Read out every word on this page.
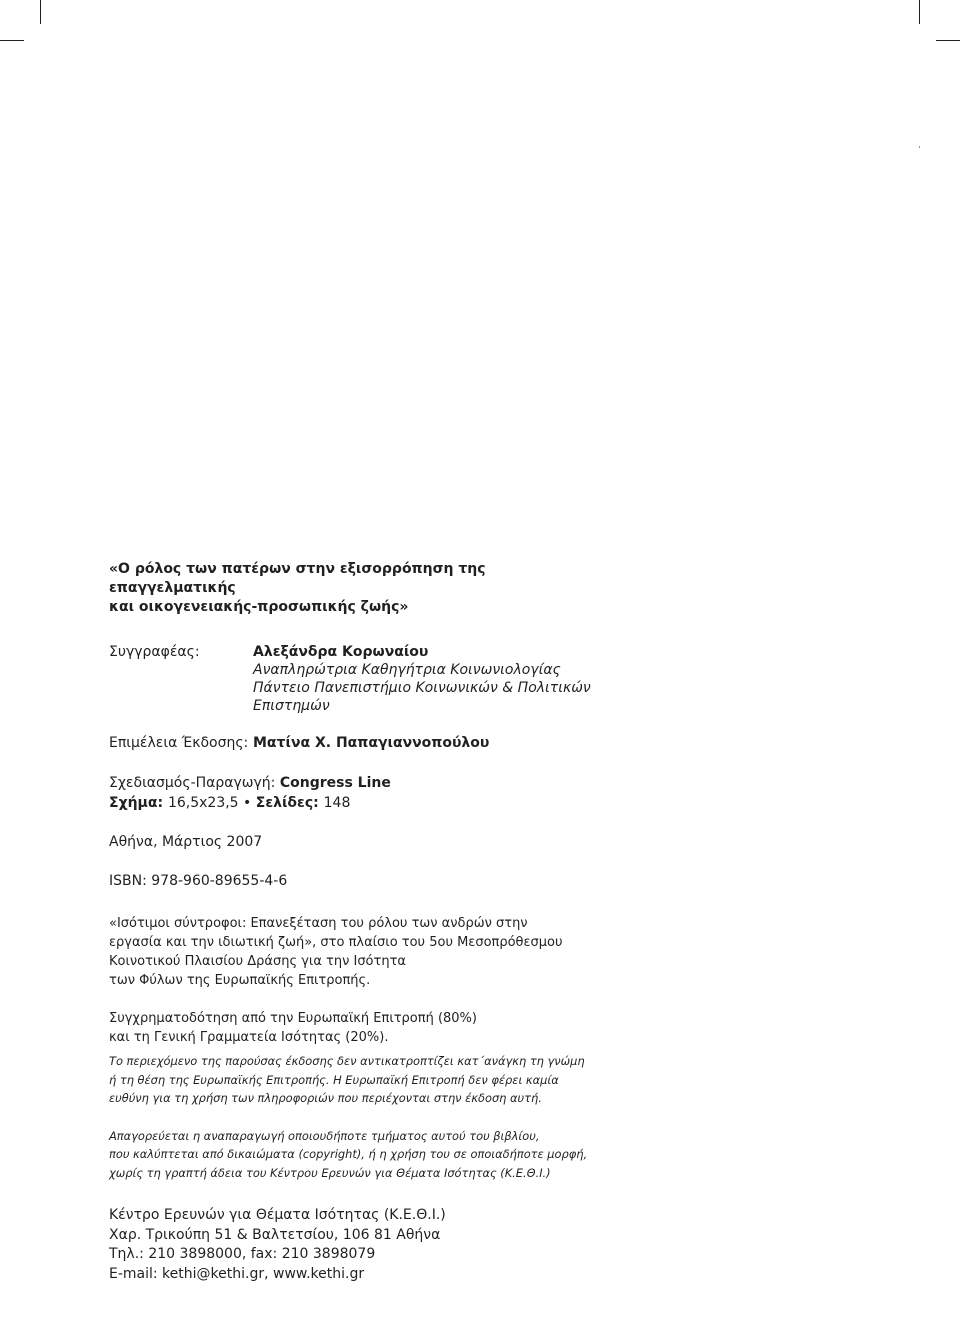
«Ο ρόλος των πατέρων στην εξισορρόπηση της επαγγελματικής
και οικογενειακής-προσωπικής ζωής»
Συγγραφέας:	Αλεξάνδρα Κορωναίου
Αναπληρώτρια Καθηγήτρια Κοινωνιολογίας
Πάντειο Πανεπιστήμιο Κοινωνικών & Πολιτικών
Επιστημών
Επιμέλεια Έκδοσης: Ματίνα Χ. Παπαγιαννοπούλου

Σχεδιασμός-Παραγωγή: Congress Line

Σχήμα: 16,5x23,5 • Σελίδες: 148

Αθήνα, Μάρτιος 2007

ISBN: 978-960-89655-4-6

«Ισότιμοι σύντροφοι: Επανεξέταση του ρόλου των ανδρών στην

εργασία και την ιδιωτική ζωή», στο πλαίσιο του 5ου Μεσοπρόθεσμου

Κοινοτικού Πλαισίου Δράσης για την Ισότητα

των Φύλων της Ευρωπαϊκής Επιτροπής.

Συγχρηματοδότηση από την Ευρωπαϊκή Επιτροπή (80%)

και τη Γενική Γραμματεία Ισότητας (20%).

Το περιεχόμενο της παρούσας έκδοσης δεν αντικατροπτίζει κατ΄ανάγκη τη γνώμη

ή τη θέση της Ευρωπαϊκής Επιτροπής. Η Ευρωπαϊκή Επιτροπή δεν φέρει καμία

ευθύνη για τη χρήση των πληροφοριών που περιέχονται στην έκδοση αυτή.

Απαγορεύεται η αναπαραγωγή οποιουδήποτε τμήματος αυτού του βιβλίου,

που καλύπτεται από δικαιώματα (copyright), ή η χρήση του σε οποιαδήποτε μορφή,

χωρίς τη γραπτή άδεια του Κέντρου Ερευνών για Θέματα Ισότητας (Κ.Ε.Θ.Ι.)

Κέντρο Ερευνών για Θέματα Ισότητας (Κ.Ε.Θ.Ι.)

Χαρ. Τρικούπη 51 & Βαλτετσίου, 106 81 Αθήνα

Τηλ.: 210 3898000, fax: 210 3898079

E-mail: kethi@kethi.gr, www.kethi.gr
